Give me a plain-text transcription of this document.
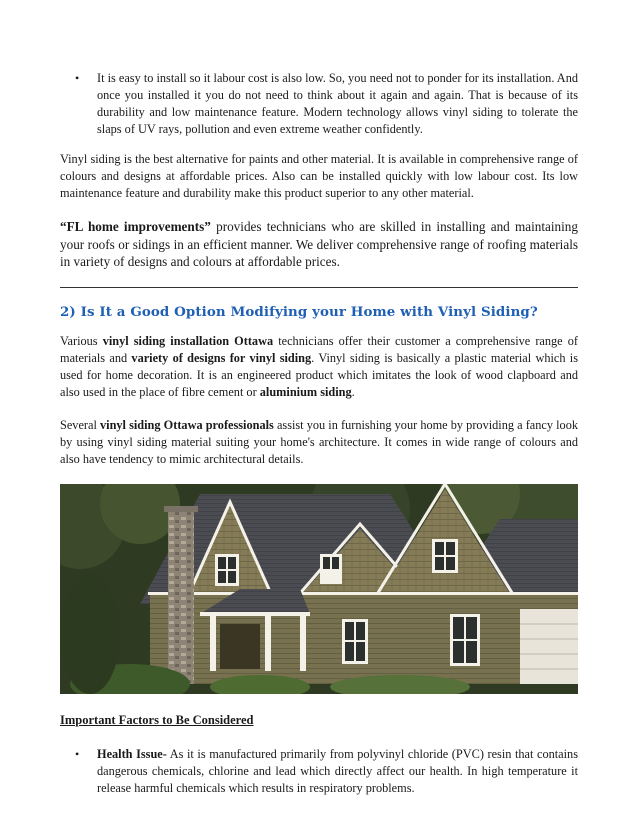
• It is easy to install so it labour cost is also low. So, you need not to ponder for its installation. And once you installed it you do not need to think about it again and again. That is because of its durability and low maintenance feature. Modern technology allows vinyl siding to tolerate the slaps of UV rays, pollution and even extreme weather confidently.

Vinyl siding is the best alternative for paints and other material. It is available in comprehensive range of colours and designs at affordable prices. Also can be installed quickly with low labour cost. Its low maintenance feature and durability make this product superior to any other material.

“FL home improvements” provides technicians who are skilled in installing and maintaining your roofs or sidings in an efficient manner. We deliver comprehensive range of roofing materials in variety of designs and colours at affordable prices.

2) Is It a Good Option Modifying your Home with Vinyl Siding?

Various vinyl siding installation Ottawa technicians offer their customer a comprehensive range of materials and variety of designs for vinyl siding. Vinyl siding is basically a plastic material which is used for home decoration. It is an engineered product which imitates the look of wood clapboard and also used in the place of fibre cement or aluminium siding.

Several vinyl siding Ottawa professionals assist you in furnishing your home by providing a fancy look by using vinyl siding material suiting your home's architecture. It comes in wide range of colours and also have tendency to mimic architectural details.

Important Factors to Be Considered

• Health Issue- As it is manufactured primarily from polyvinyl chloride (PVC) resin that contains dangerous chemicals, chlorine and lead which directly affect our health. In high temperature it release harmful chemicals which results in respiratory problems.
